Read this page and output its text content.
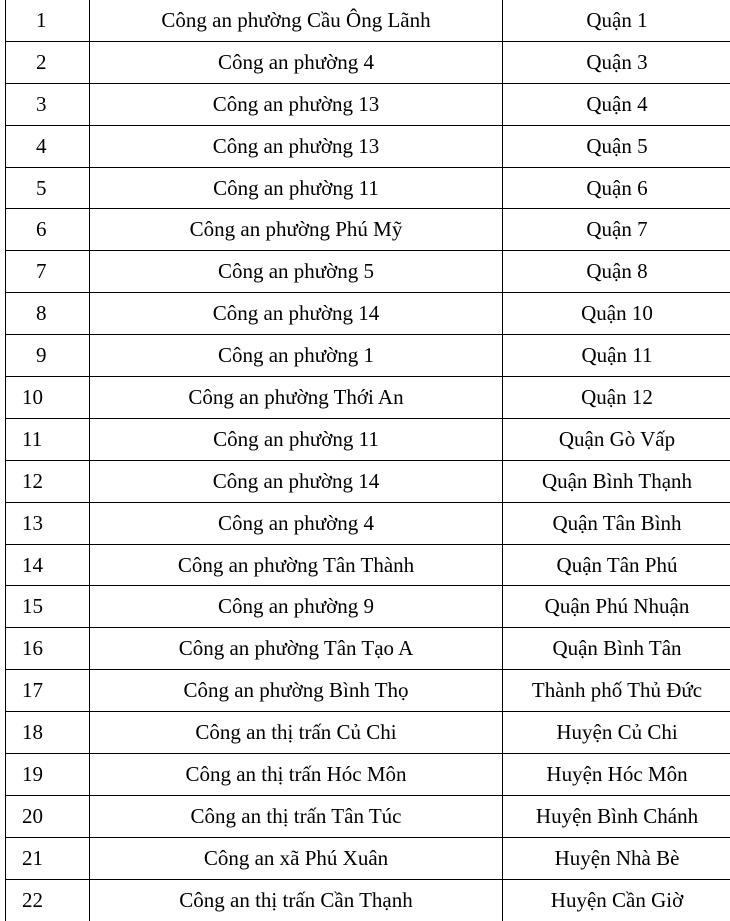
1	Công an phường Cầu Ông Lãnh	Quận 1
2	Công an phường 4	Quận 3
3	Công an phường 13	Quận 4
4	Công an phường 13	Quận 5
5	Công an phường 11	Quận 6
6	Công an phường Phú Mỹ	Quận 7
7	Công an phường 5	Quận 8
8	Công an phường 14	Quận 10
9	Công an phường 1	Quận 11
10	Công an phường Thới An	Quận 12
11	Công an phường 11	Quận Gò Vấp
12	Công an phường 14	Quận Bình Thạnh
13	Công an phường 4	Quận Tân Bình
14	Công an phường Tân Thành	Quận Tân Phú
15	Công an phường 9	Quận Phú Nhuận
16	Công an phường Tân Tạo A	Quận Bình Tân
17	Công an phường Bình Thọ	Thành phố Thủ Đức
18	Công an thị trấn Củ Chi	Huyện Củ Chi
19	Công an thị trấn Hóc Môn	Huyện Hóc Môn
20	Công an thị trấn Tân Túc	Huyện Bình Chánh
21	Công an xã Phú Xuân	Huyện Nhà Bè
22	Công an thị trấn Cần Thạnh	Huyện Cần Giờ
